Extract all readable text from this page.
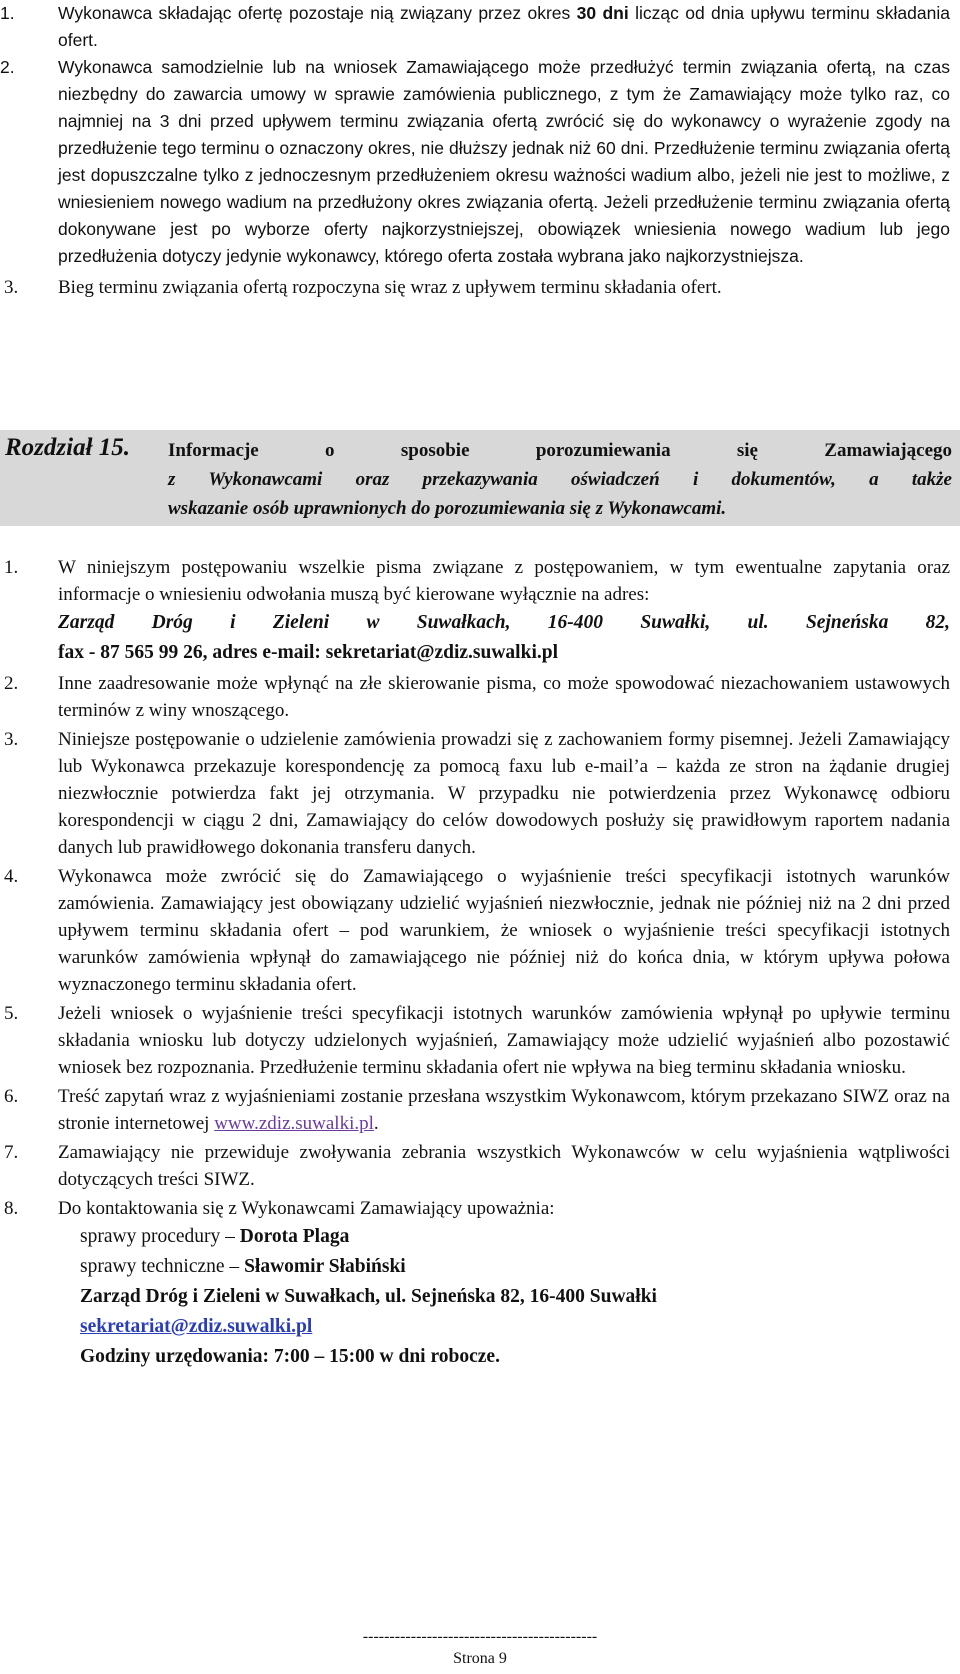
1.	Wykonawca składając ofertę pozostaje nią związany przez okres 30 dni licząc od dnia upływu terminu składania ofert.
2.	Wykonawca samodzielnie lub na wniosek Zamawiającego może przedłużyć termin związania ofertą, na czas niezbędny do zawarcia umowy w sprawie zamówienia publicznego, z tym że Zamawiający może tylko raz, co najmniej na 3 dni przed upływem terminu związania ofertą zwrócić się do wykonawcy o wyrażenie zgody na przedłużenie tego terminu o oznaczony okres, nie dłuższy jednak niż 60 dni. Przedłużenie terminu związania ofertą jest dopuszczalne tylko z jednoczesnym przedłużeniem okresu ważności wadium albo, jeżeli nie jest to możliwe, z wniesieniem nowego wadium na przedłużony okres związania ofertą. Jeżeli przedłużenie terminu związania ofertą dokonywane jest po wyborze oferty najkorzystniejszej, obowiązek wniesienia nowego wadium lub jego przedłużenia dotyczy jedynie wykonawcy, którego oferta została wybrana jako najkorzystniejsza.
3.	Bieg terminu związania ofertą rozpoczyna się wraz z upływem terminu składania ofert.
Rozdział 15. Informacje o sposobie porozumiewania się Zamawiającego
z Wykonawcami oraz przekazywania oświadczeń i dokumentów, a także
wskazanie osób uprawnionych do porozumiewania się z Wykonawcami.
1.	W niniejszym postępowaniu wszelkie pisma związane z postępowaniem, w tym ewentualne zapytania oraz informacje o wniesieniu odwołania muszą być kierowane wyłącznie na adres:
Zarząd Dróg i Zieleni w Suwałkach, 16-400 Suwałki, ul. Sejneńska 82,
fax - 87 565 99 26, adres e-mail: sekretariat@zdiz.suwalki.pl
2.	Inne zaadresowanie może wpłynąć na złe skierowanie pisma, co może spowodować niezachowaniem ustawowych terminów z winy wnoszącego.
3.	Niniejsze postępowanie o udzielenie zamówienia prowadzi się z zachowaniem formy pisemnej. Jeżeli Zamawiający lub Wykonawca przekazuje korespondencję za pomocą faxu lub e-mail’a – każda ze stron na żądanie drugiej niezwłocznie potwierdza fakt jej otrzymania. W przypadku nie potwierdzenia przez Wykonawcę odbioru korespondencji w ciągu 2 dni, Zamawiający do celów dowodowych posłuży się prawidłowym raportem nadania danych lub prawidłowego dokonania transferu danych.
4.	Wykonawca może zwrócić się do Zamawiającego o wyjaśnienie treści specyfikacji istotnych warunków zamówienia. Zamawiający jest obowiązany udzielić wyjaśnień niezwłocznie, jednak nie później niż na 2 dni przed upływem terminu składania ofert – pod warunkiem, że wniosek o wyjaśnienie treści specyfikacji istotnych warunków zamówienia wpłynął do zamawiającego nie później niż do końca dnia, w którym upływa połowa wyznaczonego terminu składania ofert.
5.	Jeżeli wniosek o wyjaśnienie treści specyfikacji istotnych warunków zamówienia wpłynął po upływie terminu składania wniosku lub dotyczy udzielonych wyjaśnień, Zamawiający może udzielić wyjaśnień albo pozostawić wniosek bez rozpoznania. Przedłużenie terminu składania ofert nie wpływa na bieg terminu składania wniosku.
6.	Treść zapytań wraz z wyjaśnieniami zostanie przesłana wszystkim Wykonawcom, którym przekazano SIWZ oraz na stronie internetowej www.zdiz.suwalki.pl.
7.	Zamawiający nie przewiduje zwoływania zebrania wszystkich Wykonawców w celu wyjaśnienia wątpliwości dotyczących treści SIWZ.
8.	Do kontaktowania się z Wykonawcami Zamawiający upoważnia:
sprawy procedury – Dorota Plaga
sprawy techniczne – Sławomir Słabiński
Zarząd Dróg i Zieleni w Suwałkach, ul. Sejneńska 82, 16-400 Suwałki
sekretariat@zdiz.suwalki.pl
Godziny urzędowania: 7:00 – 15:00 w dni robocze.
--------------------------------------------
Strona 9
